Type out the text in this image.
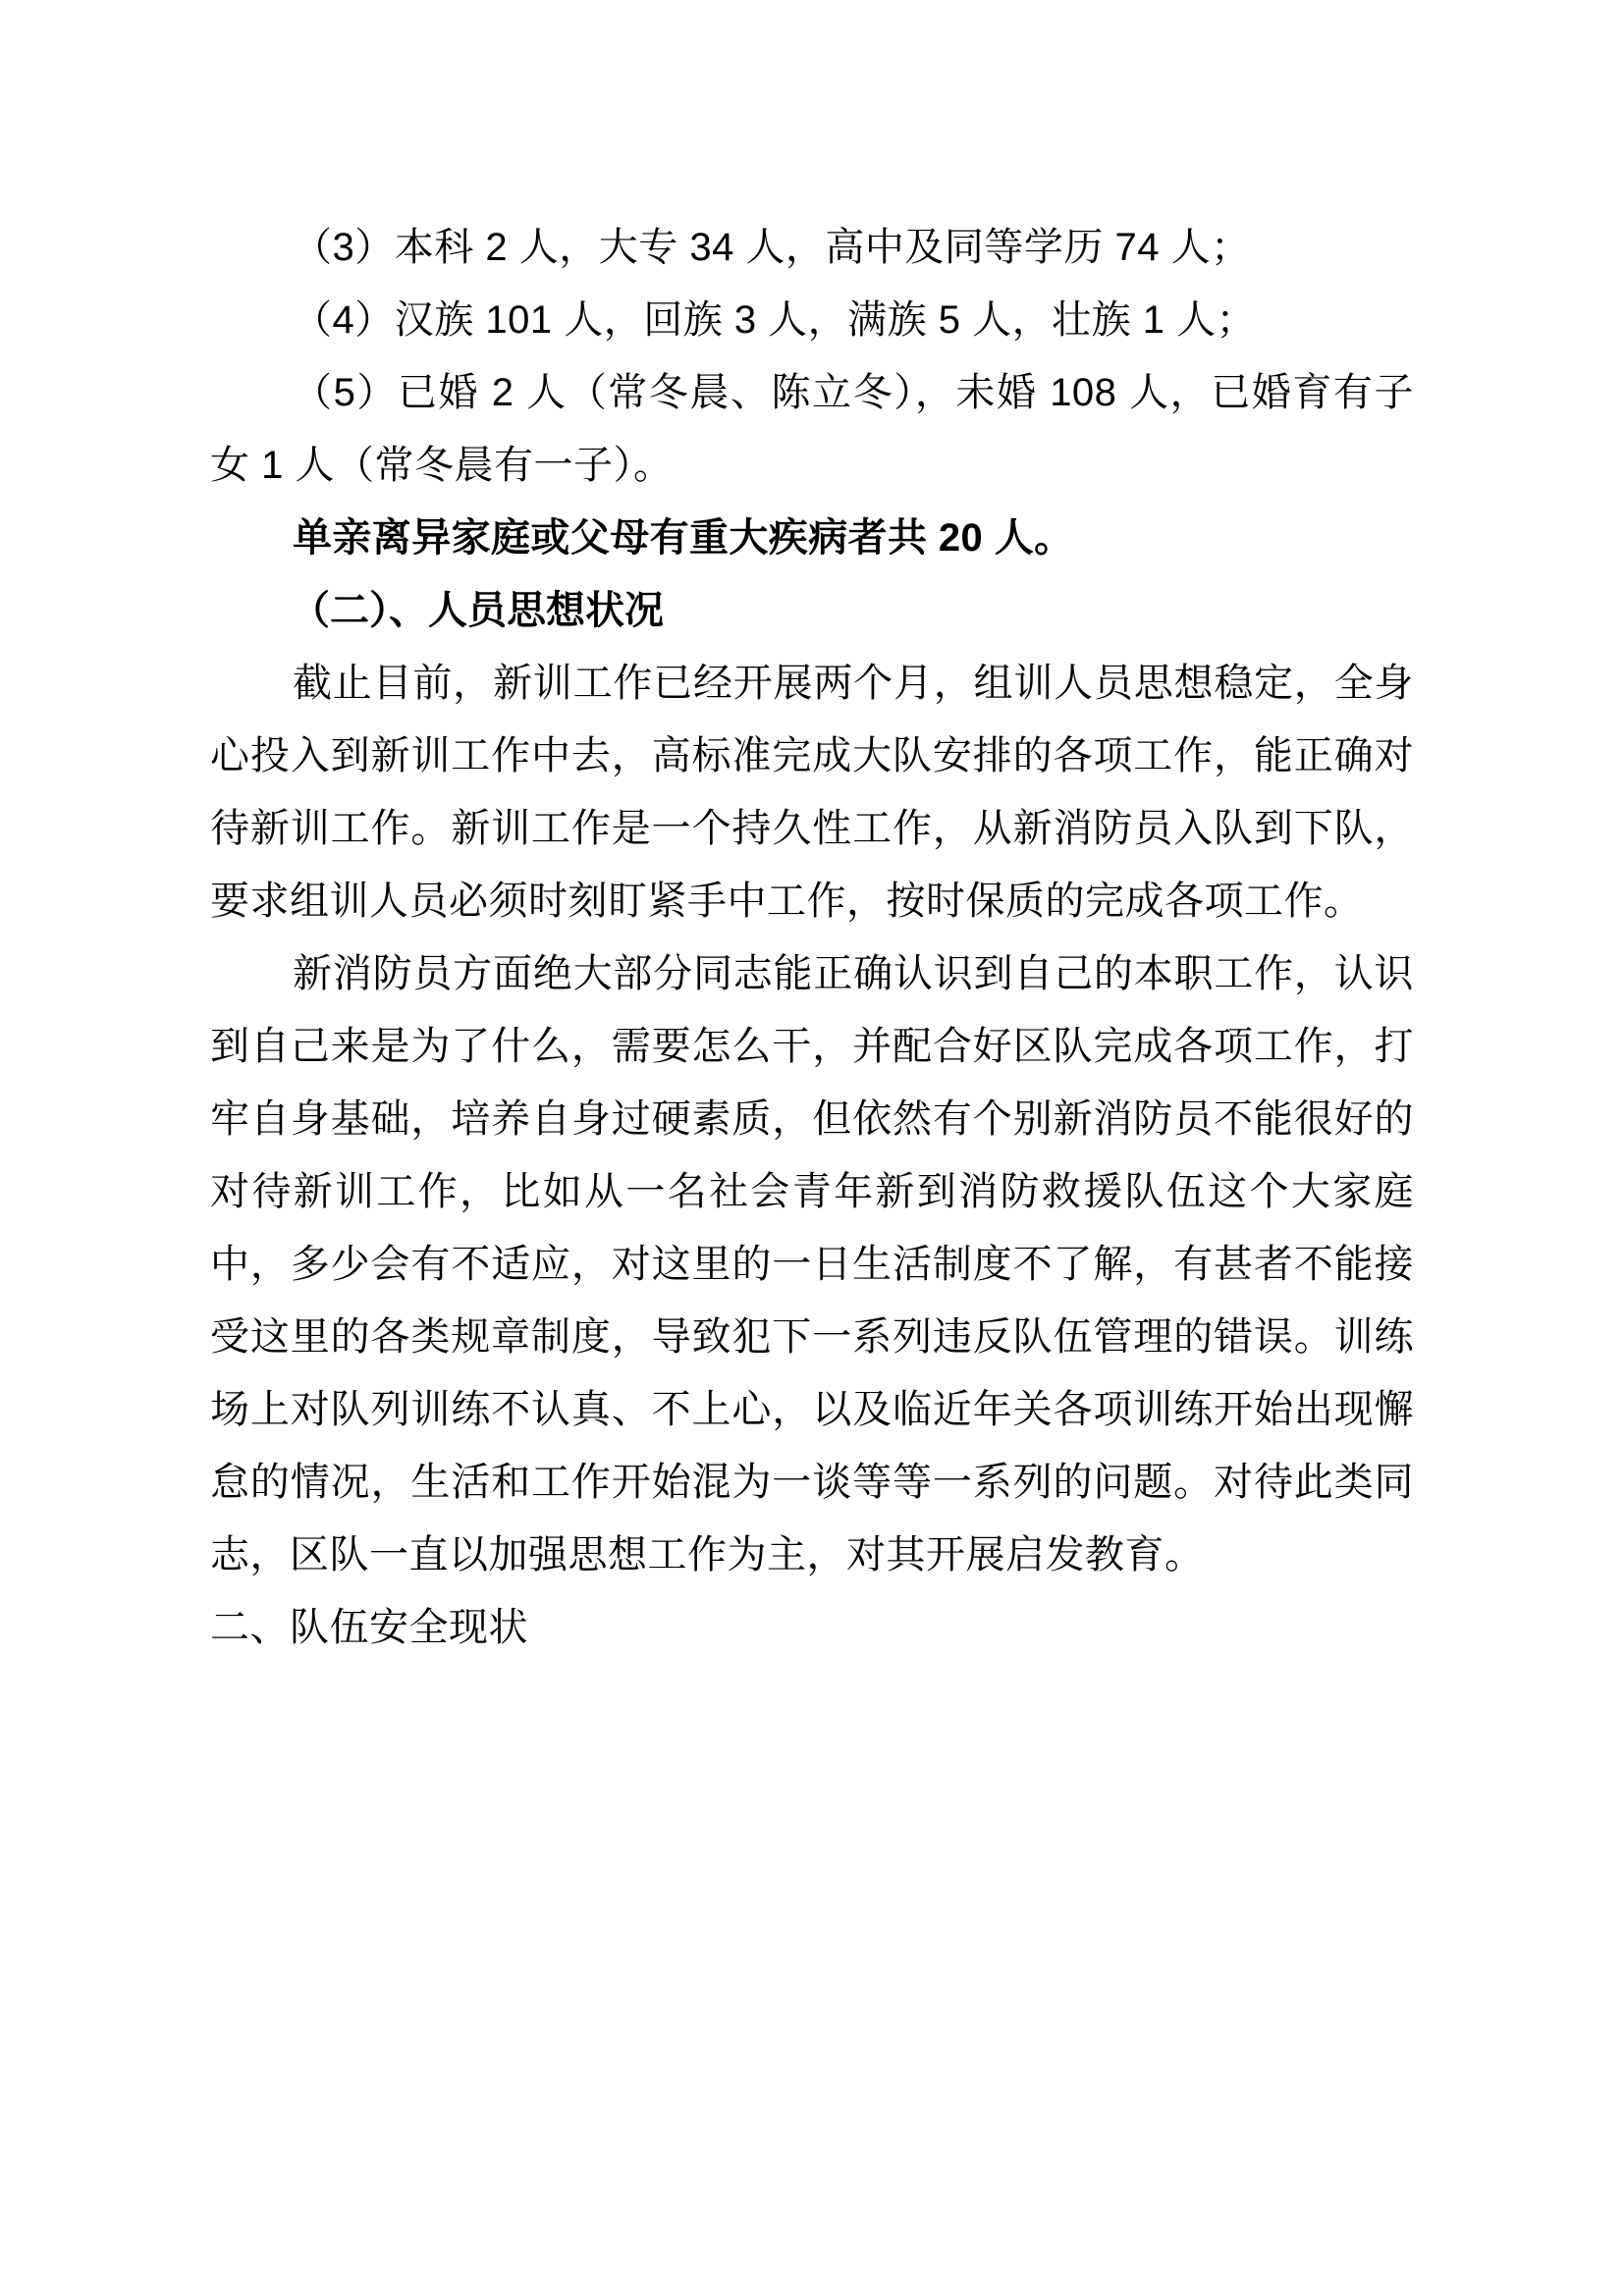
（3）本科 2 人，大专 34 人，高中及同等学历 74 人；

（4）汉族 101 人，回族 3 人，满族 5 人，壮族 1 人；

（5）已婚 2 人（常冬晨、陈立冬），未婚 108 人，已婚育有子女 1 人（常冬晨有一子）。

单亲离异家庭或父母有重大疾病者共 20 人。

（二）、人员思想状况

截止目前，新训工作已经开展两个月，组训人员思想稳定，全身心投入到新训工作中去，高标准完成大队安排的各项工作，能正确对待新训工作。新训工作是一个持久性工作，从新消防员入队到下队，要求组训人员必须时刻盯紧手中工作，按时保质的完成各项工作。

新消防员方面绝大部分同志能正确认识到自己的本职工作，认识到自己来是为了什么，需要怎么干，并配合好区队完成各项工作，打牢自身基础，培养自身过硬素质，但依然有个别新消防员不能很好的对待新训工作，比如从一名社会青年新到消防救援队伍这个大家庭中，多少会有不适应，对这里的一日生活制度不了解，有甚者不能接受这里的各类规章制度，导致犯下一系列违反队伍管理的错误。训练场上对队列训练不认真、不上心，以及临近年关各项训练开始出现懈怠的情况，生活和工作开始混为一谈等等一系列的问题。对待此类同志，区队一直以加强思想工作为主，对其开展启发教育。

二、队伍安全现状
